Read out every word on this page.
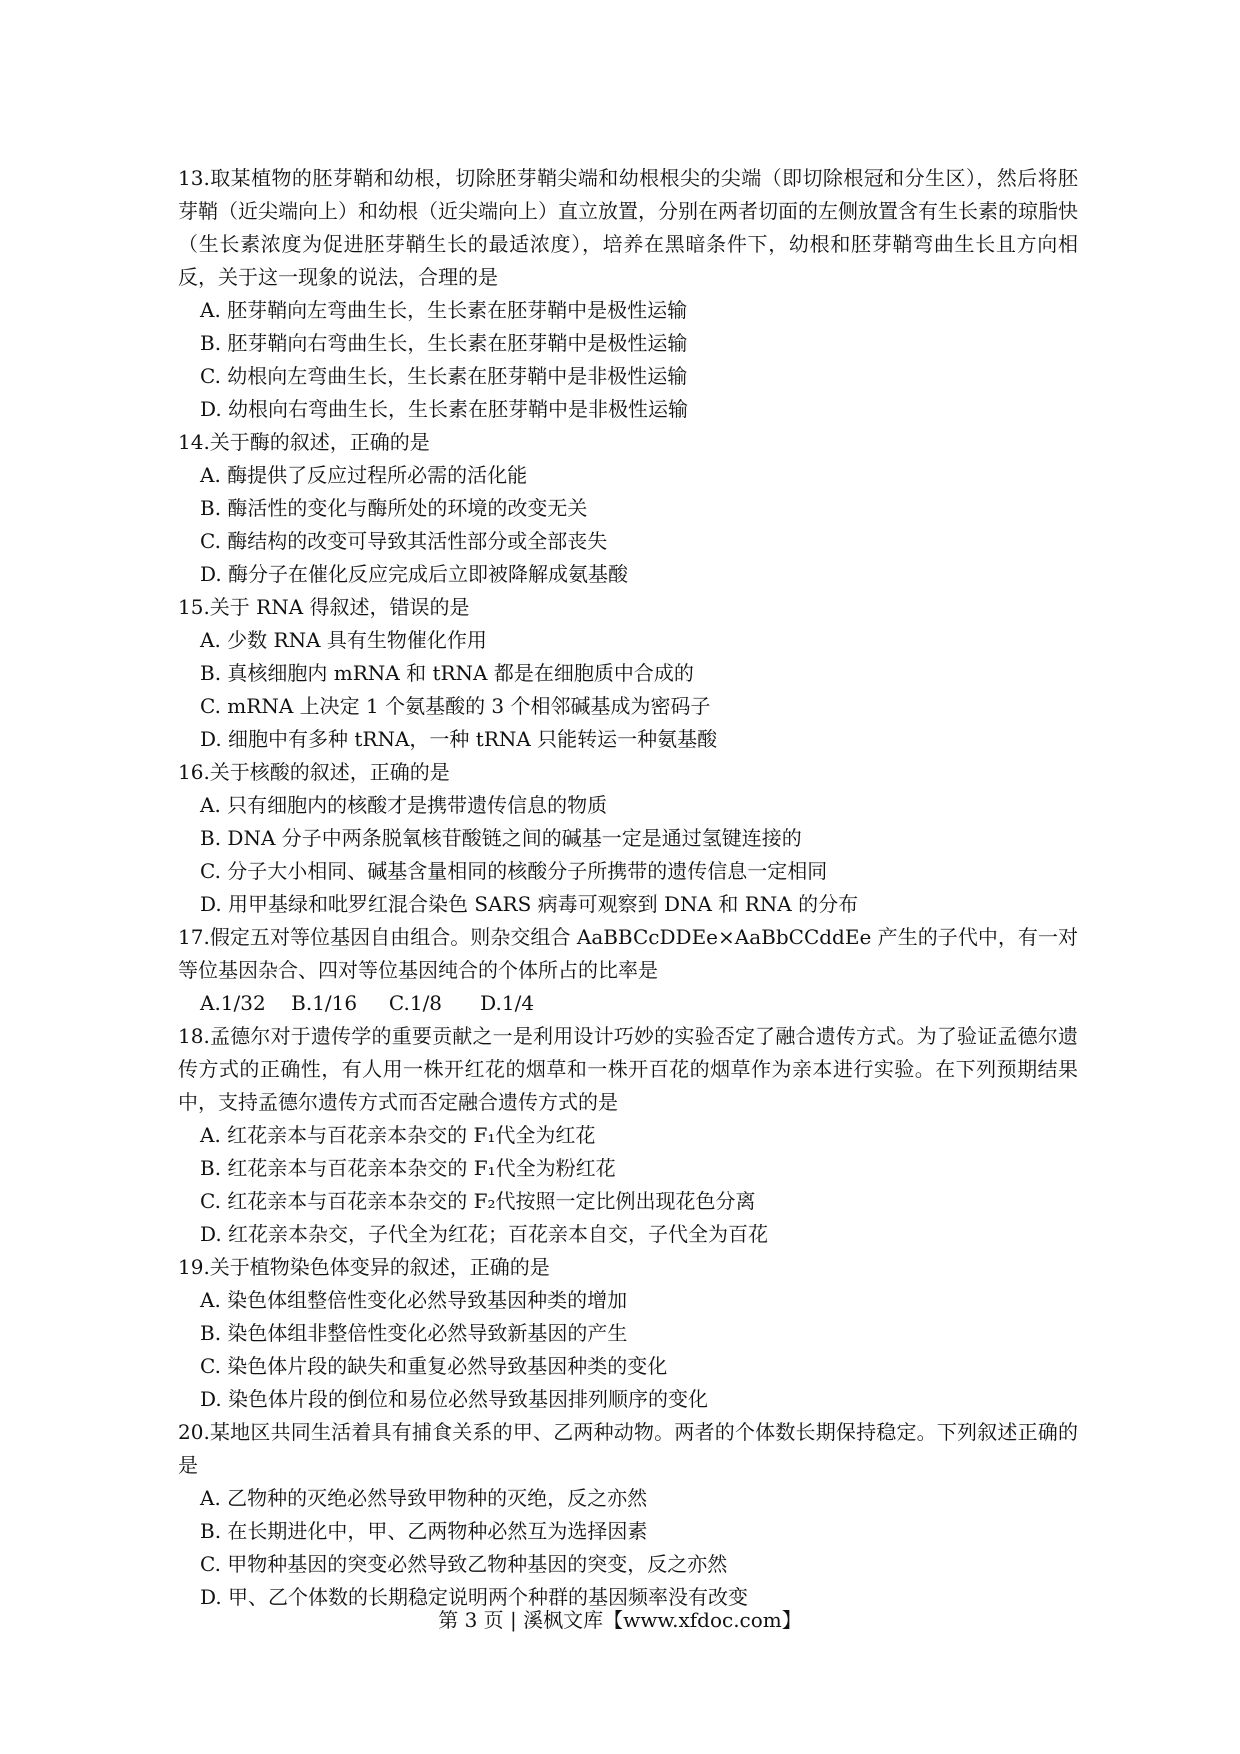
13.取某植物的胚芽鞘和幼根，切除胚芽鞘尖端和幼根根尖的尖端（即切除根冠和分生区），然后将胚芽鞘（近尖端向上）和幼根（近尖端向上）直立放置，分别在两者切面的左侧放置含有生长素的琼脂快（生长素浓度为促进胚芽鞘生长的最适浓度），培养在黑暗条件下，幼根和胚芽鞘弯曲生长且方向相反，关于这一现象的说法，合理的是

A. 胚芽鞘向左弯曲生长，生长素在胚芽鞘中是极性运输

B. 胚芽鞘向右弯曲生长，生长素在胚芽鞘中是极性运输

C. 幼根向左弯曲生长，生长素在胚芽鞘中是非极性运输

D. 幼根向右弯曲生长，生长素在胚芽鞘中是非极性运输

14.关于酶的叙述，正确的是

A. 酶提供了反应过程所必需的活化能

B. 酶活性的变化与酶所处的环境的改变无关

C. 酶结构的改变可导致其活性部分或全部丧失

D. 酶分子在催化反应完成后立即被降解成氨基酸

15.关于 RNA 得叙述，错误的是

A. 少数 RNA 具有生物催化作用

B. 真核细胞内 mRNA 和 tRNA 都是在细胞质中合成的

C. mRNA 上决定 1 个氨基酸的 3 个相邻碱基成为密码子

D. 细胞中有多种 tRNA，一种 tRNA 只能转运一种氨基酸

16.关于核酸的叙述，正确的是

A. 只有细胞内的核酸才是携带遗传信息的物质

B. DNA 分子中两条脱氧核苷酸链之间的碱基一定是通过氢键连接的

C. 分子大小相同、碱基含量相同的核酸分子所携带的遗传信息一定相同

D. 用甲基绿和吡罗红混合染色 SARS 病毒可观察到 DNA 和 RNA 的分布

17.假定五对等位基因自由组合。则杂交组合 AaBBCcDDEe×AaBbCCddEe 产生的子代中，有一对等位基因杂合、四对等位基因纯合的个体所占的比率是

A.1/32    B.1/16     C.1/8      D.1/4

18.孟德尔对于遗传学的重要贡献之一是利用设计巧妙的实验否定了融合遗传方式。为了验证孟德尔遗传方式的正确性，有人用一株开红花的烟草和一株开百花的烟草作为亲本进行实验。在下列预期结果中，支持孟德尔遗传方式而否定融合遗传方式的是

A. 红花亲本与百花亲本杂交的 F₁代全为红花

B. 红花亲本与百花亲本杂交的 F₁代全为粉红花

C. 红花亲本与百花亲本杂交的 F₂代按照一定比例出现花色分离

D. 红花亲本杂交，子代全为红花；百花亲本自交，子代全为百花

19.关于植物染色体变异的叙述，正确的是

A. 染色体组整倍性变化必然导致基因种类的增加

B. 染色体组非整倍性变化必然导致新基因的产生

C. 染色体片段的缺失和重复必然导致基因种类的变化

D. 染色体片段的倒位和易位必然导致基因排列顺序的变化

20.某地区共同生活着具有捕食关系的甲、乙两种动物。两者的个体数长期保持稳定。下列叙述正确的是

A. 乙物种的灭绝必然导致甲物种的灭绝，反之亦然

B. 在长期进化中，甲、乙两物种必然互为选择因素

C. 甲物种基因的突变必然导致乙物种基因的突变，反之亦然

D. 甲、乙个体数的长期稳定说明两个种群的基因频率没有改变

第 3 页 | 溪枫文库【www.xfdoc.com】
